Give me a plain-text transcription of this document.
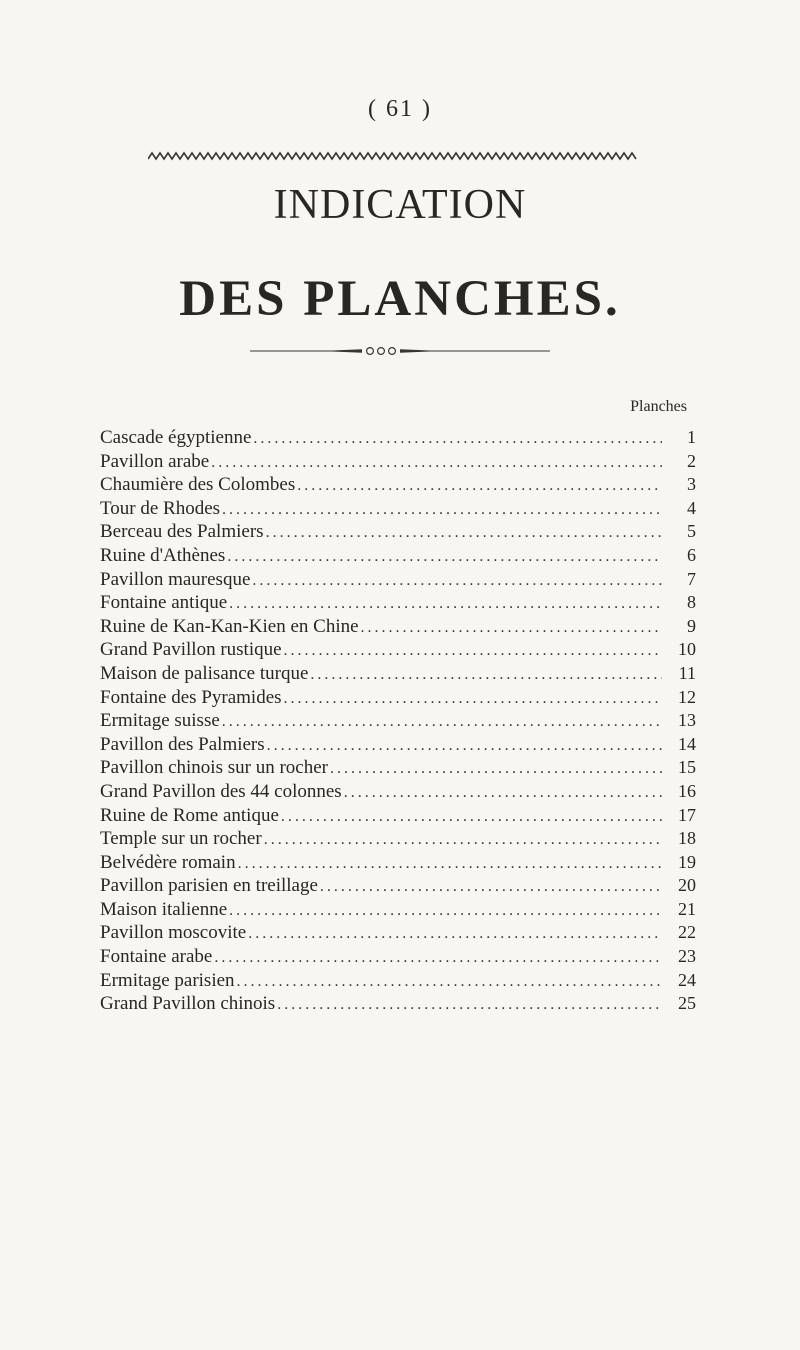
( 61 )
INDICATION
DES PLANCHES.
Planches
Cascade égyptienne . . .	1
Pavillon arabe . . .	2
Chaumière des Colombes . . .	3
Tour de Rhodes . . .	4
Berceau des Palmiers . . .	5
Ruine d'Athènes . . .	6
Pavillon mauresque . . .	7
Fontaine antique . . .	8
Ruine de Kan-Kan-Kien en Chine . . .	9
Grand Pavillon rustique . . .	10
Maison de palisance turque . . .	11
Fontaine des Pyramides . . .	12
Ermitage suisse . . .	13
Pavillon des Palmiers . . .	14
Pavillon chinois sur un rocher . . .	15
Grand Pavillon des 44 colonnes . . .	16
Ruine de Rome antique . . .	17
Temple sur un rocher . . .	18
Belvédère romain . . .	19
Pavillon parisien en treillage . . .	20
Maison italienne . . .	21
Pavillon moscovite . . .	22
Fontaine arabe . . .	23
Ermitage parisien . . .	24
Grand Pavillon chinois . . .	25
